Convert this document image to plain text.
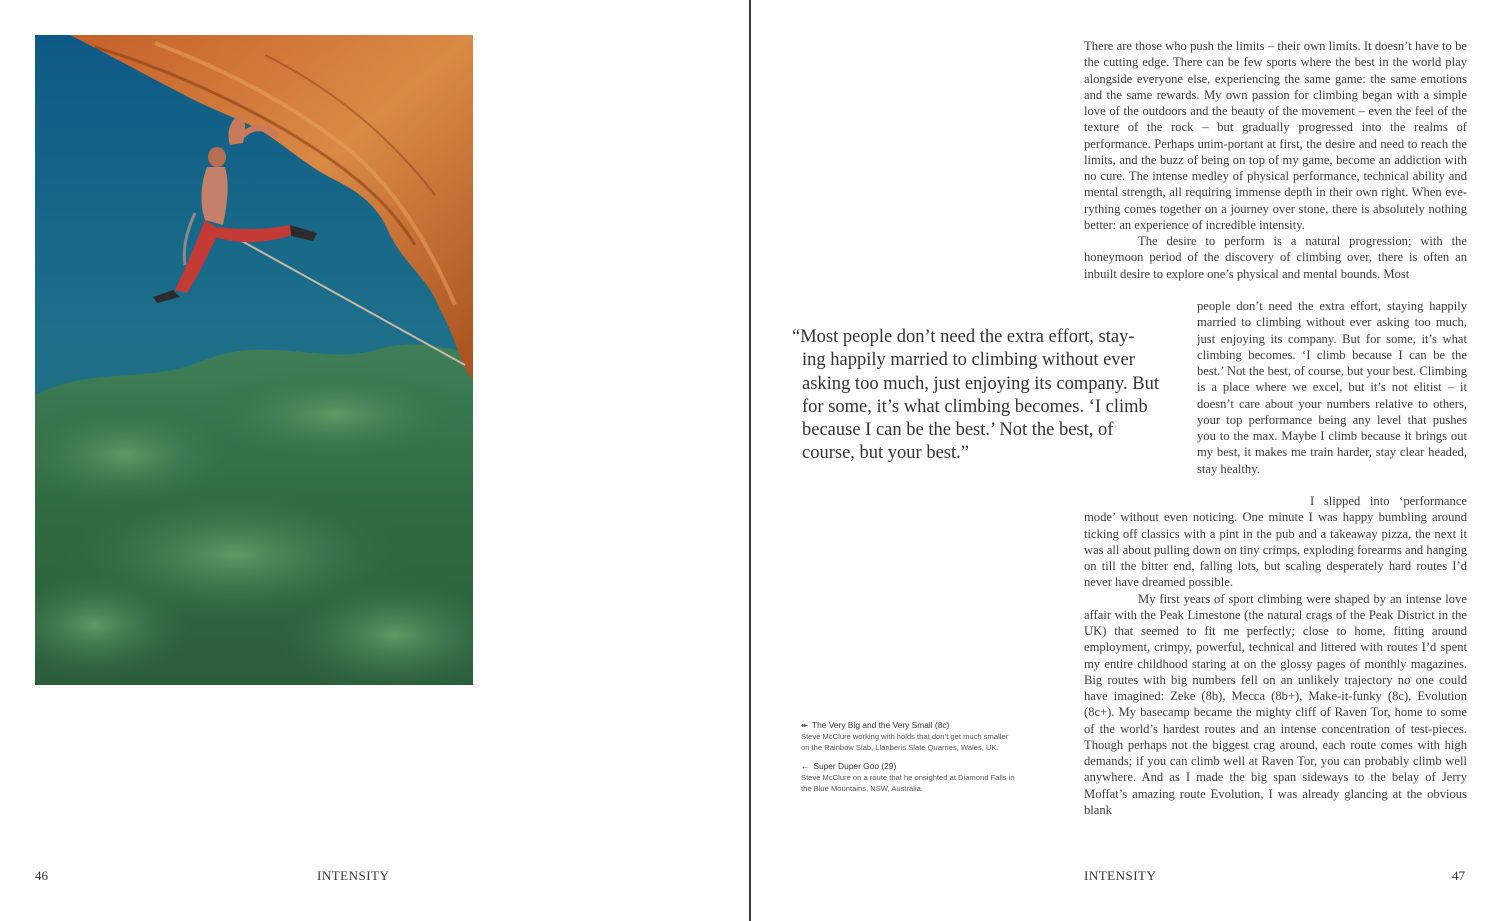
46	INTENSITY

There are those who push the limits – their own limits. It doesn’t have to be the cutting edge. There can be few sports where the best in the world play alongside everyone else, experiencing the same game: the same emotions and the same rewards. My own passion for climbing began with a simple love of the outdoors and the beauty of the movement – even the feel of the texture of the rock – but gradually progressed into the realms of performance. Perhaps unim-portant at first, the desire and need to reach the limits, and the buzz of being on top of my game, become an addiction with no cure. The intense medley of physical performance, technical ability and mental strength, all requiring immense depth in their own right. When eve-rything comes together on a journey over stone, there is absolutely nothing better: an experience of incredible intensity.

The desire to perform is a natural progression; with the honeymoon period of the discovery of climbing over, there is often an inbuilt desire to explore one’s physical and mental bounds. Most

people don’t need the extra effort, staying happily married to climbing without ever asking too much, just enjoying its company. But for some, it’s what climbing becomes. ‘I climb because I can be the best.’ Not the best, of course, but your best. Climbing is a place where we excel, but it’s not elitist – it doesn’t care about your numbers relative to others, your top performance being any level that pushes you to the max. Maybe I climb because it brings out my best, it makes me train harder, stay clear headed, stay healthy.

I slipped into ‘performance mode’ without even noticing. One minute I was happy bumbling around ticking off classics with a pint in the pub and a takeaway pizza, the next it was all about pulling down on tiny crimps, exploding forearms and hanging on till the bitter end, falling lots, but scaling desperately hard routes I’d never have dreamed possible.

My first years of sport climbing were shaped by an intense love affair with the Peak Limestone (the natural crags of the Peak District in the UK) that seemed to fit me perfectly; close to home, fitting around employment, crimpy, powerful, technical and littered with routes I’d spent my entire childhood staring at on the glossy pages of monthly magazines. Big routes with big numbers fell on an unlikely trajectory no one could have imagined: Zeke (8b), Mecca (8b+), Make-it-funky (8c), Evolution (8c+). My basecamp became the mighty cliff of Raven Tor, home to some of the world’s hardest routes and an intense concentration of test-pieces. Though perhaps not the biggest crag around, each route comes with high demands; if you can climb well at Raven Tor, you can probably climb well anywhere. And as I made the big span sideways to the belay of Jerry Moffat’s amazing route Evolution, I was already glancing at the obvious blank

“Most people don’t need the extra effort, stay-
ing happily married to climbing without ever
asking too much, just enjoying its company. But
for some, it’s what climbing becomes. ‘I climb
because I can be the best.’ Not the best, of
course, but your best.”
↞ The Very Big and the Very Small (8c)
Steve McClure working with holds that don’t get much smaller on the Rainbow Slab, Llanberis Slate Quarries, Wales, UK.
← Super Duper Goo (29)
Steve McClure on a route that he onsighted at Diamond Falls in the Blue Mountains, NSW, Australia.
INTENSITY	47
